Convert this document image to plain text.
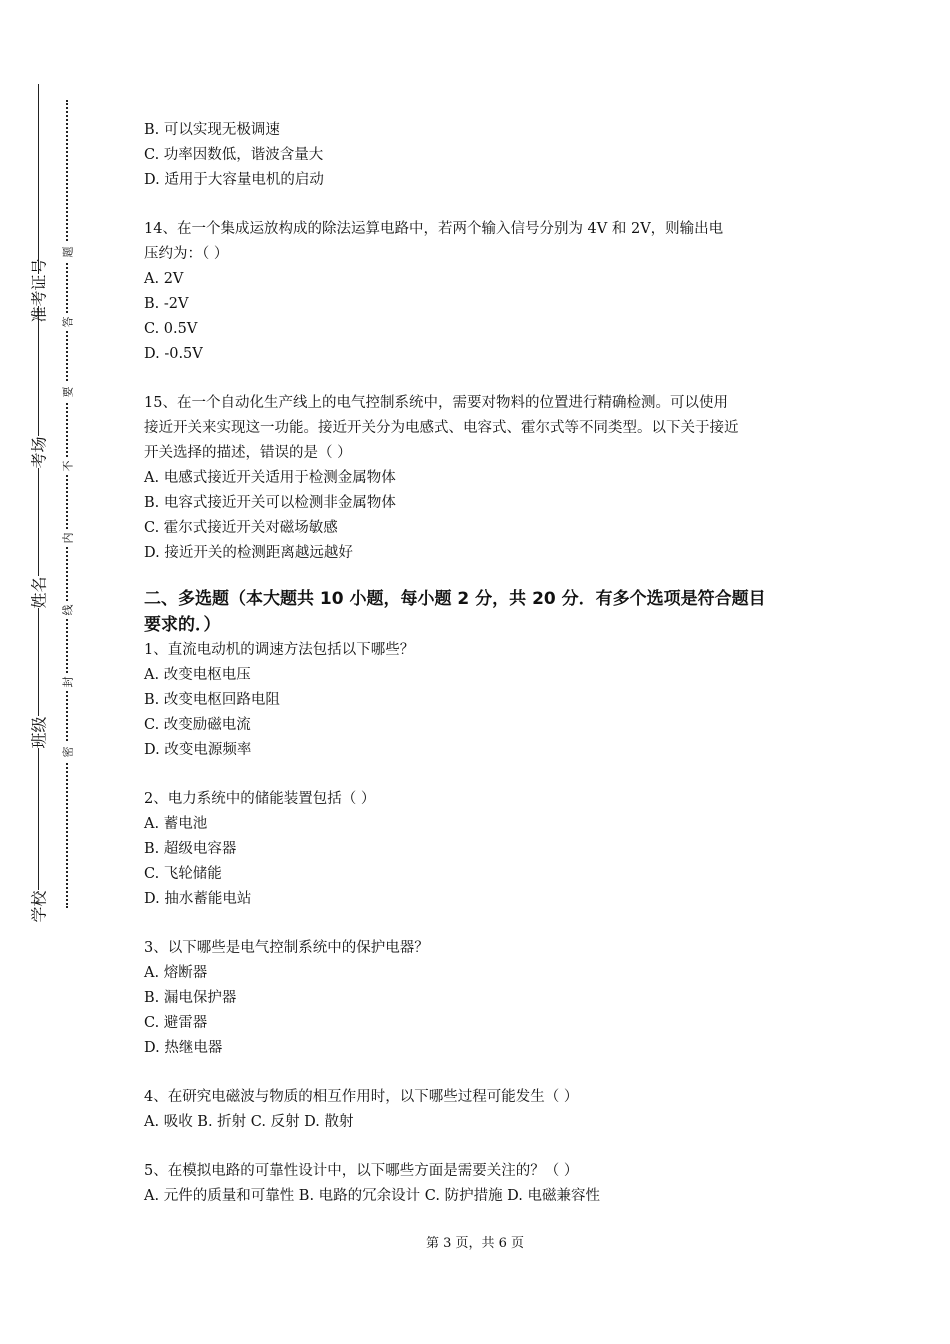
准考证号
考场
姓名
班级
学校
题
答
要
不
内
线
封
密
B. 可以实现无极调速
C. 功率因数低，谐波含量大
D. 适用于大容量电机的启动
14、在一个集成运放构成的除法运算电路中，若两个输入信号分别为 4V 和 2V，则输出电
压约为：（ ）
A. 2V
B. -2V
C. 0.5V
D. -0.5V
15、在一个自动化生产线上的电气控制系统中，需要对物料的位置进行精确检测。可以使用
接近开关来实现这一功能。接近开关分为电感式、电容式、霍尔式等不同类型。以下关于接近
开关选择的描述，错误的是（ ）
A. 电感式接近开关适用于检测金属物体
B. 电容式接近开关可以检测非金属物体
C. 霍尔式接近开关对磁场敏感
D. 接近开关的检测距离越远越好
二、多选题（本大题共 10 小题，每小题 2 分，共 20 分．有多个选项是符合题目
要求的．）
1、直流电动机的调速方法包括以下哪些？
A. 改变电枢电压
B. 改变电枢回路电阻
C. 改变励磁电流
D. 改变电源频率
2、电力系统中的储能装置包括（ ）
A. 蓄电池
B. 超级电容器
C. 飞轮储能
D. 抽水蓄能电站
3、以下哪些是电气控制系统中的保护电器？
A. 熔断器
B. 漏电保护器
C. 避雷器
D. 热继电器
4、在研究电磁波与物质的相互作用时，以下哪些过程可能发生（ ）
A. 吸收 B. 折射 C. 反射 D. 散射
5、在模拟电路的可靠性设计中，以下哪些方面是需要关注的？（ ）
A. 元件的质量和可靠性 B. 电路的冗余设计 C. 防护措施 D. 电磁兼容性
第 3 页，共 6 页
